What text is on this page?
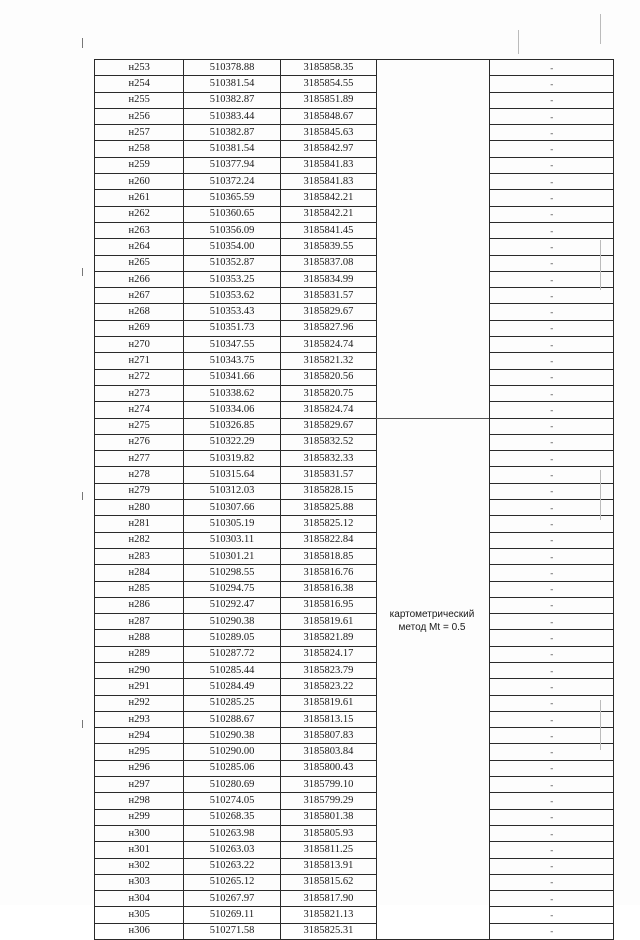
н253	510378.88	3185858.35		-
н254	510381.54	3185854.55		-
н255	510382.87	3185851.89		-
н256	510383.44	3185848.67		-
н257	510382.87	3185845.63		-
н258	510381.54	3185842.97		-
н259	510377.94	3185841.83		-
н260	510372.24	3185841.83		-
н261	510365.59	3185842.21		-
н262	510360.65	3185842.21		-
н263	510356.09	3185841.45		-
н264	510354.00	3185839.55		-
н265	510352.87	3185837.08		-
н266	510353.25	3185834.99		-
н267	510353.62	3185831.57		-
н268	510353.43	3185829.67		-
н269	510351.73	3185827.96		-
н270	510347.55	3185824.74		-
н271	510343.75	3185821.32		-
н272	510341.66	3185820.56		-
н273	510338.62	3185820.75		-
н274	510334.06	3185824.74		-
н275	510326.85	3185829.67		-
н276	510322.29	3185832.52		-
н277	510319.82	3185832.33		-
н278	510315.64	3185831.57		-
н279	510312.03	3185828.15		-
н280	510307.66	3185825.88		-
н281	510305.19	3185825.12		-
н282	510303.11	3185822.84		-
н283	510301.21	3185818.85		-
н284	510298.55	3185816.76		-
н285	510294.75	3185816.38		-
н286	510292.47	3185816.95		-
н287	510290.38	3185819.61		-
н288	510289.05	3185821.89		-
н289	510287.72	3185824.17		-
н290	510285.44	3185823.79		-
н291	510284.49	3185823.22		-
н292	510285.25	3185819.61		-
н293	510288.67	3185813.15		-
н294	510290.38	3185807.83		-
н295	510290.00	3185803.84		-
н296	510285.06	3185800.43		-
н297	510280.69	3185799.10		-
н298	510274.05	3185799.29		-
н299	510268.35	3185801.38		-
н300	510263.98	3185805.93		-
н301	510263.03	3185811.25		-
н302	510263.22	3185813.91		-
н303	510265.12	3185815.62		-
н304	510267.97	3185817.90		-
н305	510269.11	3185821.13		-
н306	510271.58	3185825.31		-
картометрический
метод Mt = 0.5
